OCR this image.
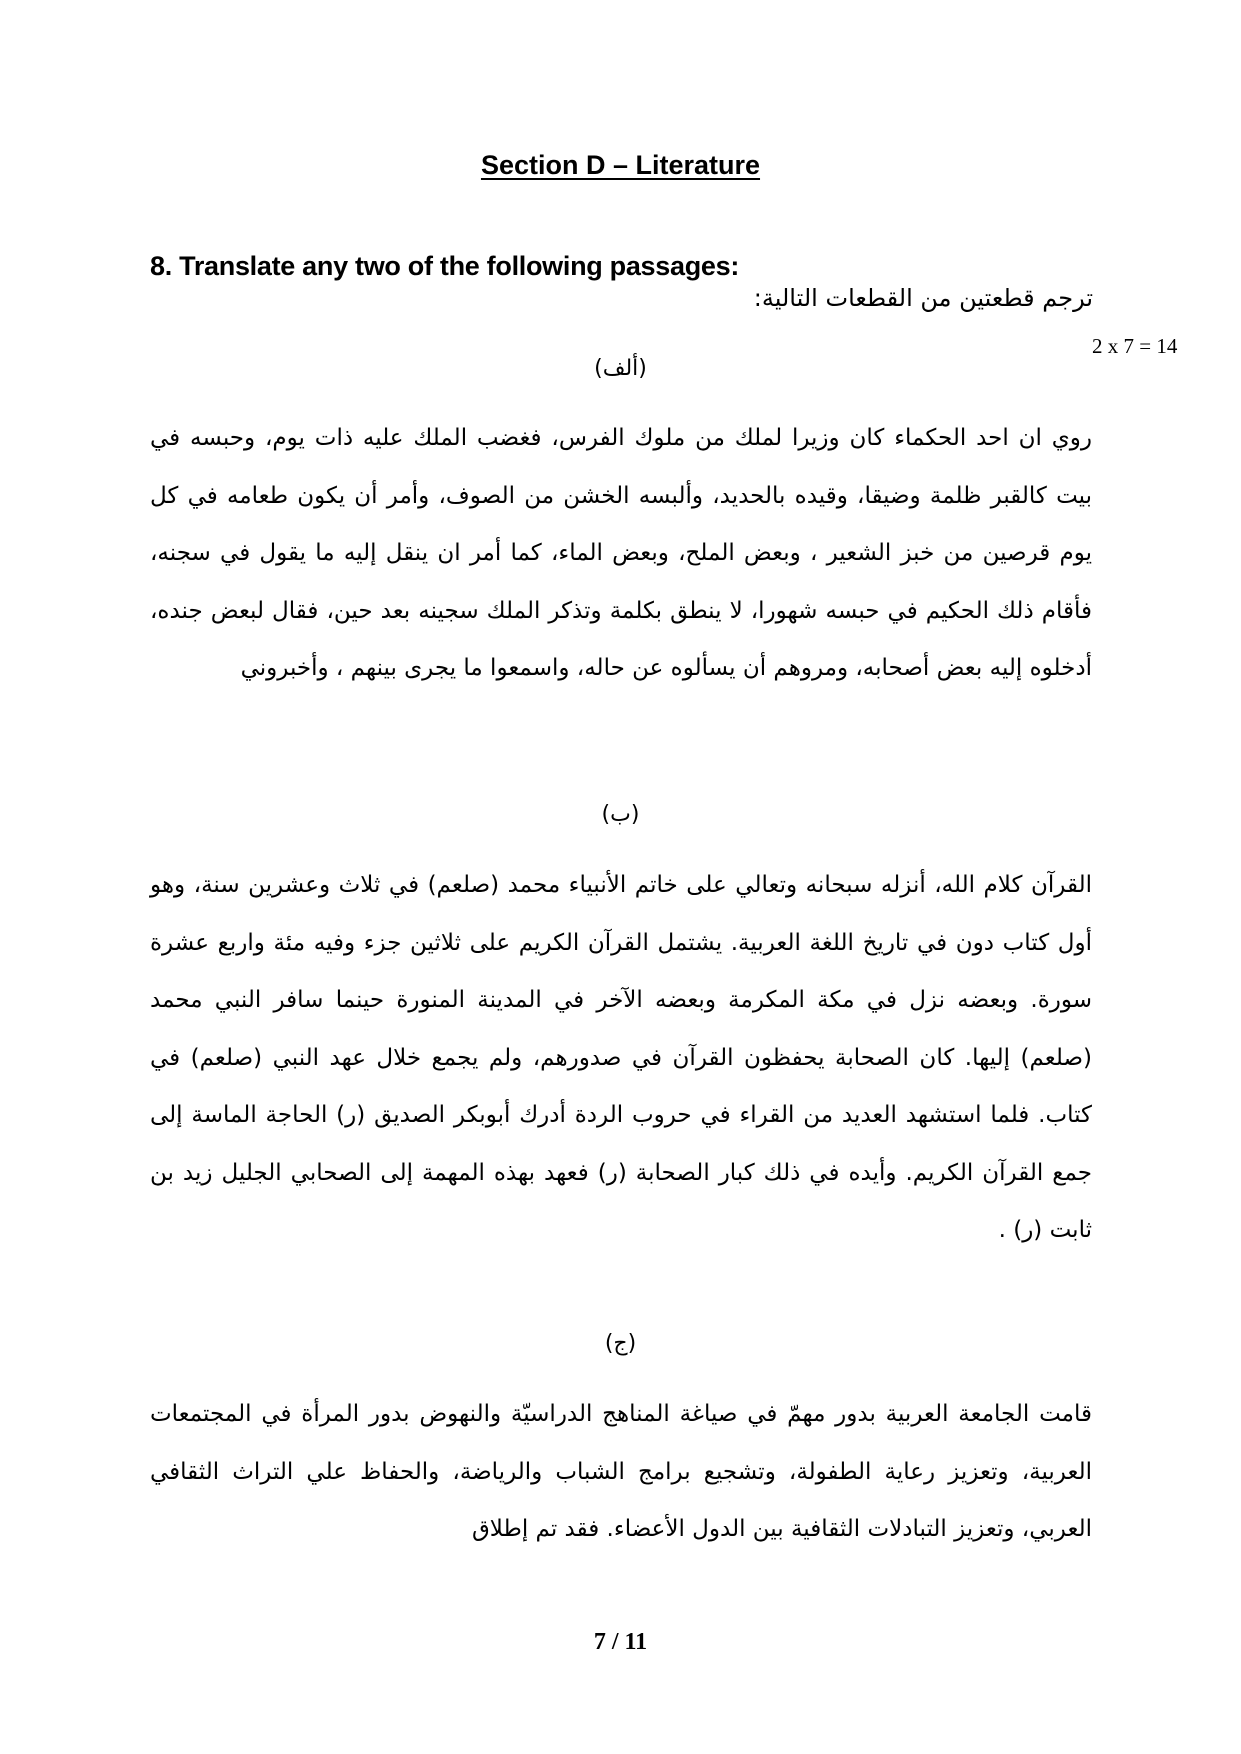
Section D – Literature
8. Translate any two of the following passages:
ترجم قطعتين من القطعات التالية:
2 x 7 = 14
(ألف)

روي ان احد الحكماء كان وزيرا لملك من ملوك الفرس، فغضب الملك عليه ذات يوم، وحبسه في بيت كالقبر ظلمة وضيقا، وقيده بالحديد، وألبسه الخشن من الصوف، وأمر أن يكون طعامه في كل يوم قرصين من خبز الشعير ، وبعض الملح، وبعض الماء، كما أمر ان ينقل إليه ما يقول في سجنه، فأقام ذلك الحكيم في حبسه شهورا، لا ينطق بكلمة وتذكر الملك سجينه بعد حين، فقال لبعض جنده، أدخلوه إليه بعض أصحابه، ومروهم أن يسألوه عن حاله، واسمعوا ما يجرى بينهم ، وأخبروني

(ب)

القرآن كلام الله، أنزله سبحانه وتعالي على خاتم الأنبياء محمد (صلعم) في ثلاث وعشرين سنة، وهو أول كتاب دون في تاريخ اللغة العربية. يشتمل القرآن الكريم على ثلاثين جزء وفيه مئة واربع عشرة سورة. وبعضه نزل في مكة المكرمة وبعضه الآخر في المدينة المنورة حينما سافر النبي محمد (صلعم) إليها. كان الصحابة يحفظون القرآن في صدورهم، ولم يجمع خلال عهد النبي (صلعم) في كتاب. فلما استشهد العديد من القراء في حروب الردة أدرك أبوبكر الصديق (ر) الحاجة الماسة إلى جمع القرآن الكريم. وأيده في ذلك كبار الصحابة (ر) فعهد بهذه المهمة إلى الصحابي الجليل زيد بن ثابت (ر) .

(ج)

قامت الجامعة العربية بدور مهمّ في صياغة المناهج الدراسيّة والنهوض بدور المرأة في المجتمعات العربية، وتعزيز رعاية الطفولة، وتشجيع برامج الشباب والرياضة، والحفاظ علي التراث الثقافي العربي، وتعزيز التبادلات الثقافية بين الدول الأعضاء. فقد تم إطلاق

7 / 11
